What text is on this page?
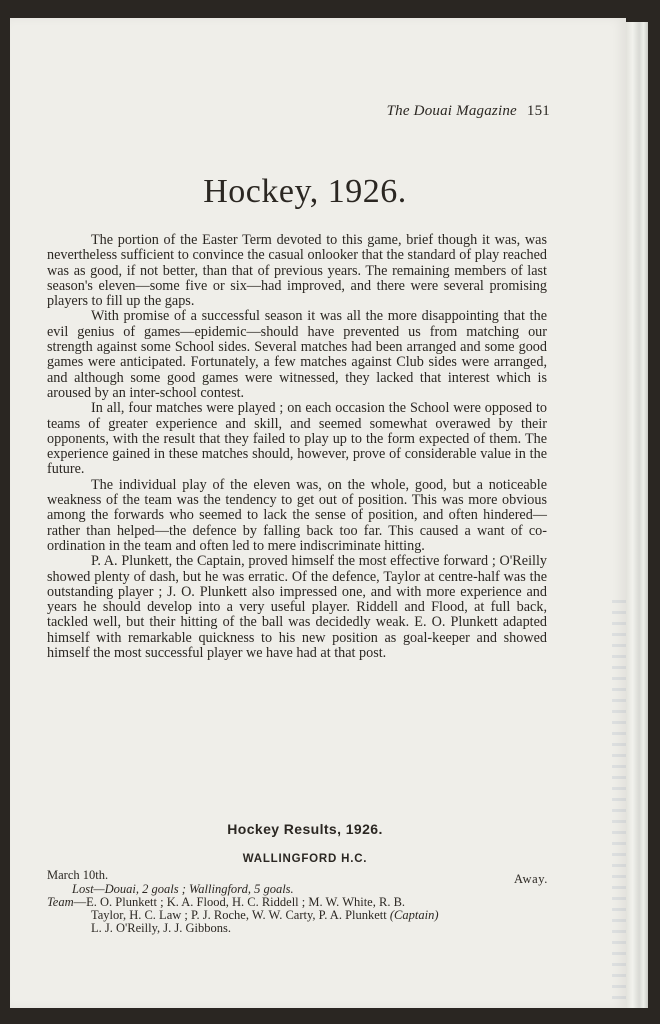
The Douai Magazine 151
Hockey, 1926.

The portion of the Easter Term devoted to this game, brief though it was, was nevertheless sufficient to convince the casual onlooker that the standard of play reached was as good, if not better, than that of previous years. The remaining members of last season's eleven—some five or six—had improved, and there were several promising players to fill up the gaps.

With promise of a successful season it was all the more disappointing that the evil genius of games—epidemic—should have prevented us from matching our strength against some School sides. Several matches had been arranged and some good games were anticipated. Fortunately, a few matches against Club sides were arranged, and although some good games were witnessed, they lacked that interest which is aroused by an inter-school contest.

In all, four matches were played ; on each occasion the School were opposed to teams of greater experience and skill, and seemed somewhat overawed by their opponents, with the result that they failed to play up to the form expected of them. The experience gained in these matches should, however, prove of considerable value in the future.

The individual play of the eleven was, on the whole, good, but a noticeable weakness of the team was the tendency to get out of position. This was more obvious among the forwards who seemed to lack the sense of position, and often hindered—rather than helped—the defence by falling back too far. This caused a want of co-ordination in the team and often led to mere indiscriminate hitting.

P. A. Plunkett, the Captain, proved himself the most effective forward ; O'Reilly showed plenty of dash, but he was erratic. Of the defence, Taylor at centre-half was the outstanding player ; J. O. Plunkett also impressed one, and with more experience and years he should develop into a very useful player. Riddell and Flood, at full back, tackled well, but their hitting of the ball was decidedly weak. E. O. Plunkett adapted himself with remarkable quickness to his new position as goal-keeper and showed himself the most successful player we have had at that post.

Hockey Results, 1926.
WALLINGFORD H.C.
March 10th.	Away.
Lost—Douai, 2 goals ; Wallingford, 5 goals.
Team—E. O. Plunkett ; K. A. Flood, H. C. Riddell ; M. W. White, R. B.
Taylor, H. C. Law ; P. J. Roche, W. W. Carty, P. A. Plunkett (Captain)
L. J. O'Reilly, J. J. Gibbons.
